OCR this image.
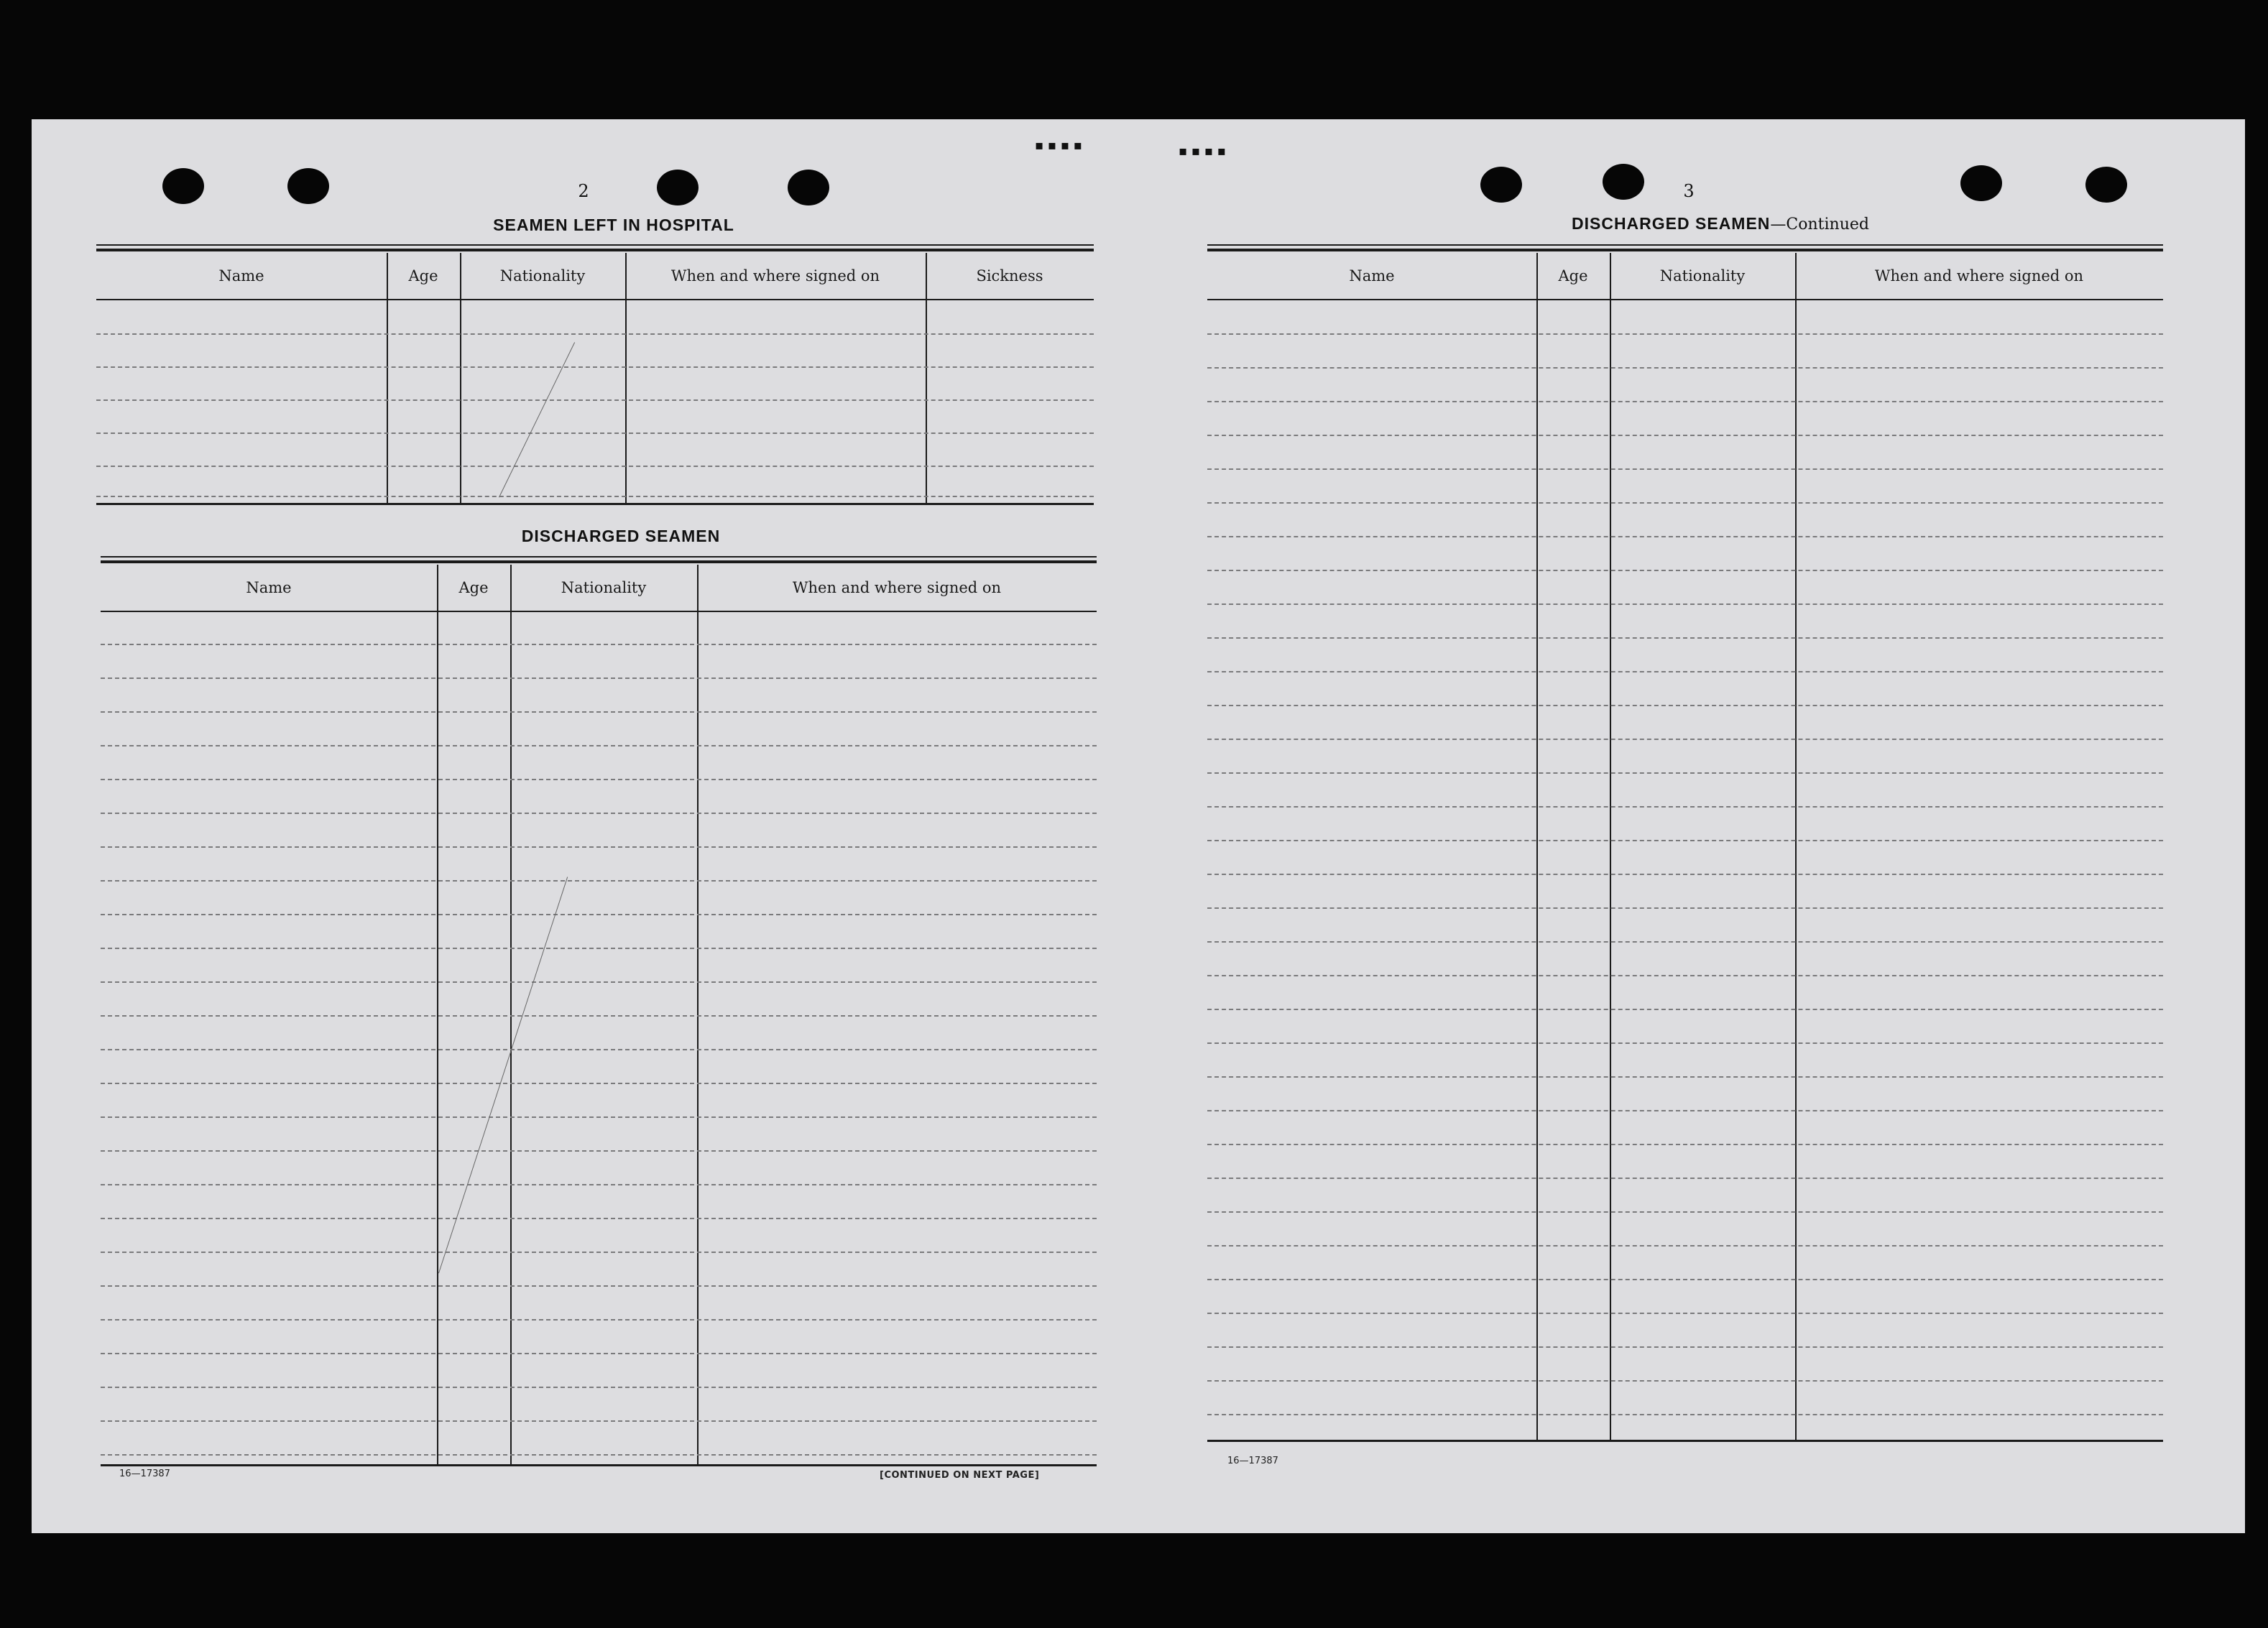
▪ ▪ ▪ ▪	▪ ▪ ▪ ▪
2
SEAMEN LEFT IN HOSPITAL
Name	Age	Nationality	When and where signed on	Sickness
DISCHARGED SEAMEN
Name	Age	Nationality	When and where signed on
16—17387	[CONTINUED ON NEXT PAGE]
3
DISCHARGED SEAMEN—Continued
Name	Age	Nationality	When and where signed on
16—17387
